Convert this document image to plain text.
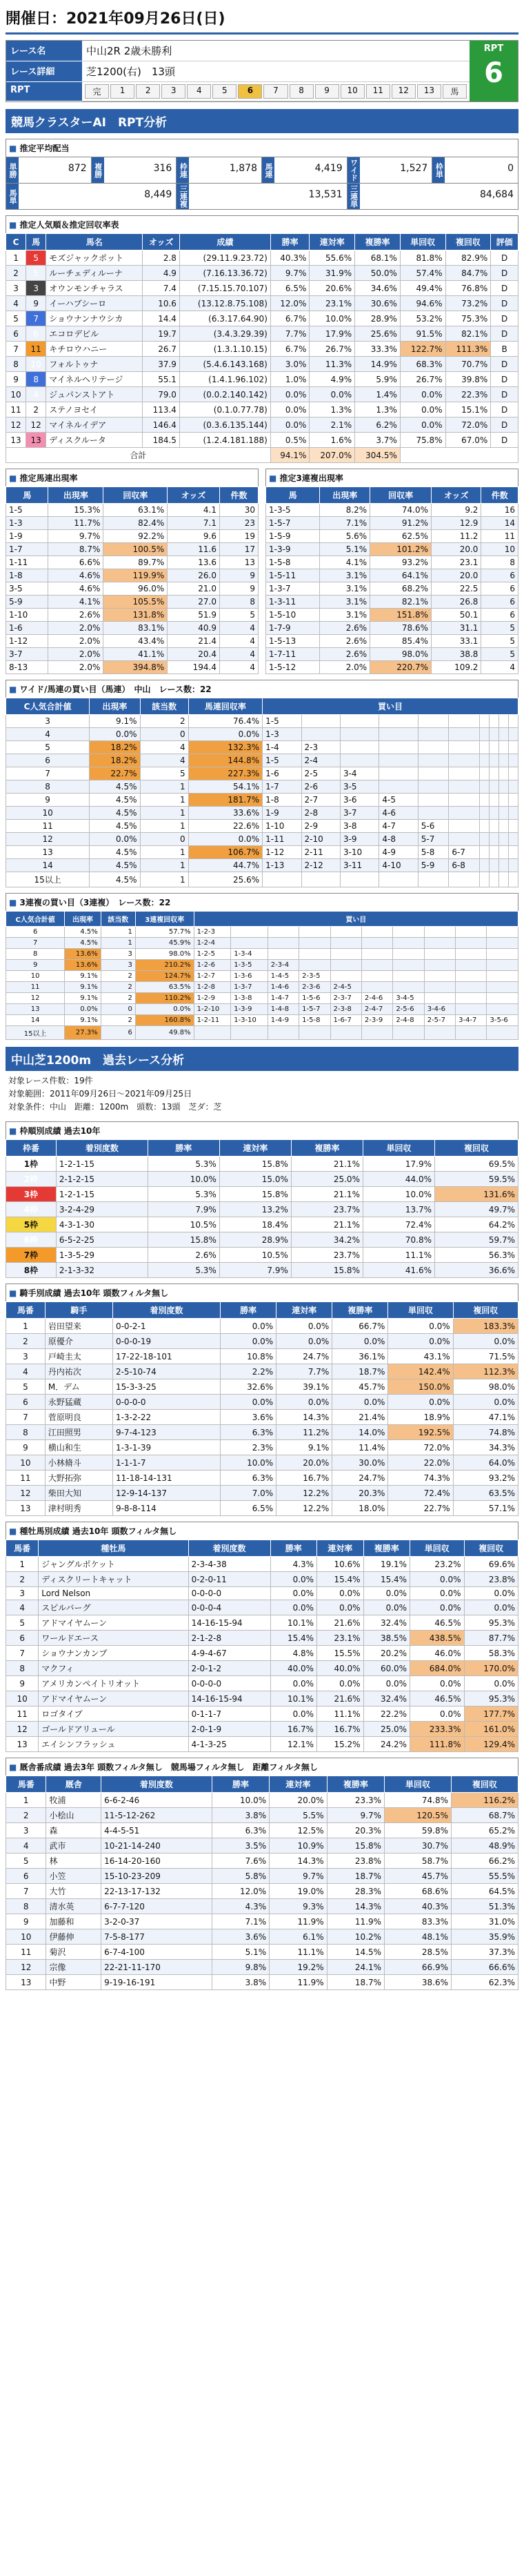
開催日：2021年09月26日(日)
レース名	中山2R 2歳未勝利	RPT
6
レース詳細	芝1200(右)　13頭
RPT	完	1	2	3	4	5	6	7	8	9	10	11	12	13	馬
競馬クラスターAI　RPT分析
■ 推定平均配当
単勝	872 複勝	316 枠連	1,878 馬連	4,419 ワイド	1,527 枠単	0
馬単	8,449 三連複	13,531 三連単	84,684
■ 推定人気順＆推定回収率表
C	馬	馬名	オッズ	成績	勝率	連対率	複勝率	単回収	複回収	評価
1	5	モズジャックポット	2.8	(29.11.9.23.72)	40.3%	55.6%	68.1%	81.8%	82.9%	D
2	5	ルーチェディルーナ	4.9	(7.16.13.36.72)	9.7%	31.9%	50.0%	57.4%	84.7%	D
3	3	オウンモンチャラス	7.4	(7.15.15.70.107)	6.5%	20.6%	34.6%	49.4%	76.8%	D
4	9	イーハブシーロ	10.6	(13.12.8.75.108)	12.0%	23.1%	30.6%	94.6%	73.2%	D
5	7	ショウナンナウシカ	14.4	(6.3.17.64.90)	6.7%	10.0%	28.9%	53.2%	75.3%	D
6	6	エコロデビル	19.7	(3.4.3.29.39)	7.7%	17.9%	25.6%	91.5%	82.1%	D
7	11	キチロウハニー	26.7	(1.3.1.10.15)	6.7%	26.7%	33.3%	122.7%	111.3%	B
8	10	フォルトゥナ	37.9	(5.4.6.143.168)	3.0%	11.3%	14.9%	68.3%	70.7%	D
9	8	マイネルヘリテージ	55.1	(1.4.1.96.102)	1.0%	4.9%	5.9%	26.7%	39.8%	D
10	4	ジュパンストアト	79.0	(0.0.2.140.142)	0.0%	0.0%	1.4%	0.0%	22.3%	D
11	2	ステノヨセイ	113.4	(0.1.0.77.78)	0.0%	1.3%	1.3%	0.0%	15.1%	D
12	12	マイネルイデア	146.4	(0.3.6.135.144)	0.0%	2.1%	6.2%	0.0%	72.0%	D
13	13	ディスクルータ	184.5	(1.2.4.181.188)	0.5%	1.6%	3.7%	75.8%	67.0%	D
合計					94.1%	207.0%	304.5%			
■ 推定馬連出現率
馬	出現率	回収率	オッズ	件数
1-5	15.3%	63.1%	4.1	30
1-3	11.7%	82.4%	7.1	23
1-9	9.7%	92.2%	9.6	19
1-7	8.7%	100.5%	11.6	17
1-11	6.6%	89.7%	13.6	13
1-8	4.6%	119.9%	26.0	9
3-5	4.6%	96.0%	21.0	9
5-9	4.1%	105.5%	27.0	8
1-10	2.6%	131.8%	51.9	5
1-6	2.0%	83.1%	40.9	4
1-12	2.0%	43.4%	21.4	4
3-7	2.0%	41.1%	20.4	4
8-13	2.0%	394.8%	194.4	4
■ 推定3連複出現率
馬	出現率	回収率	オッズ	件数
1-3-5	8.2%	74.0%	9.2	16
1-5-7	7.1%	91.2%	12.9	14
1-5-9	5.6%	62.5%	11.2	11
1-3-9	5.1%	101.2%	20.0	10
1-5-8	4.1%	93.2%	23.1	8
1-5-11	3.1%	64.1%	20.0	6
1-3-7	3.1%	68.2%	22.5	6
1-3-11	3.1%	82.1%	26.8	6
1-5-10	3.1%	151.8%	50.1	6
1-7-9	2.6%	78.6%	31.1	5
1-5-13	2.6%	85.4%	33.1	5
1-7-11	2.6%	98.0%	38.8	5
1-5-12	2.0%	220.7%	109.2	4
■ ワイド/馬連の買い目（馬連）　中山　レース数：22
C人気合計値	出現率	該当数	馬連回収率	買い目									
3	9.1%	2	76.4%	1-5									
4	0.0%	0	0.0%	1-3									
5	18.2%	4	132.3%	1-4	2-3								
6	18.2%	4	144.8%	1-5	2-4								
7	22.7%	5	227.3%	1-6	2-5	3-4							
8	4.5%	1	54.1%	1-7	2-6	3-5							
9	4.5%	1	181.7%	1-8	2-7	3-6	4-5						
10	4.5%	1	33.6%	1-9	2-8	3-7	4-6						
11	4.5%	1	22.6%	1-10	2-9	3-8	4-7	5-6					
12	0.0%	0	0.0%	1-11	2-10	3-9	4-8	5-7					
13	4.5%	1	106.7%	1-12	2-11	3-10	4-9	5-8	6-7				
14	4.5%	1	44.7%	1-13	2-12	3-11	4-10	5-9	6-8				
15以上	4.5%	1	25.6%										
■ 3連複の買い目（3連複）　レース数：22
C人気合計値	出現率	該当数	3連複回収率	買い目									
6	4.5%	1	57.7%	1-2-3									
7	4.5%	1	45.9%	1-2-4									
8	13.6%	3	98.0%	1-2-5	1-3-4								
9	13.6%	3	210.2%	1-2-6	1-3-5	2-3-4							
10	9.1%	2	124.7%	1-2-7	1-3-6	1-4-5	2-3-5						
11	9.1%	2	63.5%	1-2-8	1-3-7	1-4-6	2-3-6	2-4-5					
12	9.1%	2	110.2%	1-2-9	1-3-8	1-4-7	1-5-6	2-3-7	2-4-6	3-4-5			
13	0.0%	0	0.0%	1-2-10	1-3-9	1-4-8	1-5-7	2-3-8	2-4-7	2-5-6	3-4-6		
14	9.1%	2	160.8%	1-2-11	1-3-10	1-4-9	1-5-8	1-6-7	2-3-9	2-4-8	2-5-7	3-4-7	3-5-6
15以上	27.3%	6	49.8%										
中山芝1200m　過去レース分析
対象レース件数：19件
対象範囲：2011年09月26日〜2021年09月25日
対象条件：中山　距離：1200m　頭数：13頭　芝ダ：芝
■ 枠順別成績 過去10年
枠番	着別度数	勝率	連対率	複勝率	単回収	複回収
1枠	1-2-1-15	5.3%	15.8%	21.1%	17.9%	69.5%
2枠	2-1-2-15	10.0%	15.0%	25.0%	44.0%	59.5%
3枠	1-2-1-15	5.3%	15.8%	21.1%	10.0%	131.6%
4枠	3-2-4-29	7.9%	13.2%	23.7%	13.7%	49.7%
5枠	4-3-1-30	10.5%	18.4%	21.1%	72.4%	64.2%
6枠	6-5-2-25	15.8%	28.9%	34.2%	70.8%	59.7%
7枠	1-3-5-29	2.6%	10.5%	23.7%	11.1%	56.3%
8枠	2-1-3-32	5.3%	7.9%	15.8%	41.6%	36.6%
■ 騎手別成績 過去10年 頭数フィルタ無し
馬番	騎手	着別度数	勝率	連対率	複勝率	単回収	複回収
1	岩田望来	0-0-2-1	0.0%	0.0%	66.7%	0.0%	183.3%
2	原優介	0-0-0-19	0.0%	0.0%	0.0%	0.0%	0.0%
3	戸崎圭太	17-22-18-101	10.8%	24.7%	36.1%	43.1%	71.5%
4	丹内祐次	2-5-10-74	2.2%	7.7%	18.7%	142.4%	112.3%
5	M．デム	15-3-3-25	32.6%	39.1%	45.7%	150.0%	98.0%
6	永野猛蔵	0-0-0-0	0.0%	0.0%	0.0%	0.0%	0.0%
7	菅原明良	1-3-2-22	3.6%	14.3%	21.4%	18.9%	47.1%
8	江田照男	9-7-4-123	6.3%	11.2%	14.0%	192.5%	74.8%
9	横山和生	1-3-1-39	2.3%	9.1%	11.4%	72.0%	34.3%
10	小林脩斗	1-1-1-7	10.0%	20.0%	30.0%	22.0%	64.0%
11	大野拓弥	11-18-14-131	6.3%	16.7%	24.7%	74.3%	93.2%
12	柴田大知	12-9-14-137	7.0%	12.2%	20.3%	72.4%	63.5%
13	津村明秀	9-8-8-114	6.5%	12.2%	18.0%	22.7%	57.1%
■ 種牡馬別成績 過去10年 頭数フィルタ無し
馬番	種牡馬	着別度数	勝率	連対率	複勝率	単回収	複回収
1	ジャングルポケット	2-3-4-38	4.3%	10.6%	19.1%	23.2%	69.6%
2	ディスクリートキャット	0-2-0-11	0.0%	15.4%	15.4%	0.0%	23.8%
3	Lord Nelson	0-0-0-0	0.0%	0.0%	0.0%	0.0%	0.0%
4	スピルバーグ	0-0-0-4	0.0%	0.0%	0.0%	0.0%	0.0%
5	アドマイヤムーン	14-16-15-94	10.1%	21.6%	32.4%	46.5%	95.3%
6	ワールドエース	2-1-2-8	15.4%	23.1%	38.5%	438.5%	87.7%
7	ショウナンカンプ	4-9-4-67	4.8%	15.5%	20.2%	46.0%	58.3%
8	マクフィ	2-0-1-2	40.0%	40.0%	60.0%	684.0%	170.0%
9	アメリカンペイトリオット	0-0-0-0	0.0%	0.0%	0.0%	0.0%	0.0%
10	アドマイヤムーン	14-16-15-94	10.1%	21.6%	32.4%	46.5%	95.3%
11	ロゴタイプ	0-1-1-7	0.0%	11.1%	22.2%	0.0%	177.7%
12	ゴールドアリュール	2-0-1-9	16.7%	16.7%	25.0%	233.3%	161.0%
13	エイシンフラッシュ	4-1-3-25	12.1%	15.2%	24.2%	111.8%	129.4%
■ 厩舎番成績 過去3年 頭数フィルタ無し　競馬場フィルタ無し　距離フィルタ無し
馬番	厩舎	着別度数	勝率	連対率	複勝率	単回収	複回収
1	牧浦	6-6-2-46	10.0%	20.0%	23.3%	74.8%	116.2%
2	小桧山	11-5-12-262	3.8%	5.5%	9.7%	120.5%	68.7%
3	森	4-4-5-51	6.3%	12.5%	20.3%	59.8%	65.2%
4	武市	10-21-14-240	3.5%	10.9%	15.8%	30.7%	48.9%
5	林	16-14-20-160	7.6%	14.3%	23.8%	58.7%	66.2%
6	小笠	15-10-23-209	5.8%	9.7%	18.7%	45.7%	55.5%
7	大竹	22-13-17-132	12.0%	19.0%	28.3%	68.6%	64.5%
8	清水英	6-7-7-120	4.3%	9.3%	14.3%	40.3%	51.3%
9	加藤和	3-2-0-37	7.1%	11.9%	11.9%	83.3%	31.0%
10	伊藤伸	7-5-8-177	3.6%	6.1%	10.2%	48.1%	35.9%
11	菊沢	6-7-4-100	5.1%	11.1%	14.5%	28.5%	37.3%
12	宗像	22-21-11-170	9.8%	19.2%	24.1%	66.9%	66.6%
13	中野	9-19-16-191	3.8%	11.9%	18.7%	38.6%	62.3%
